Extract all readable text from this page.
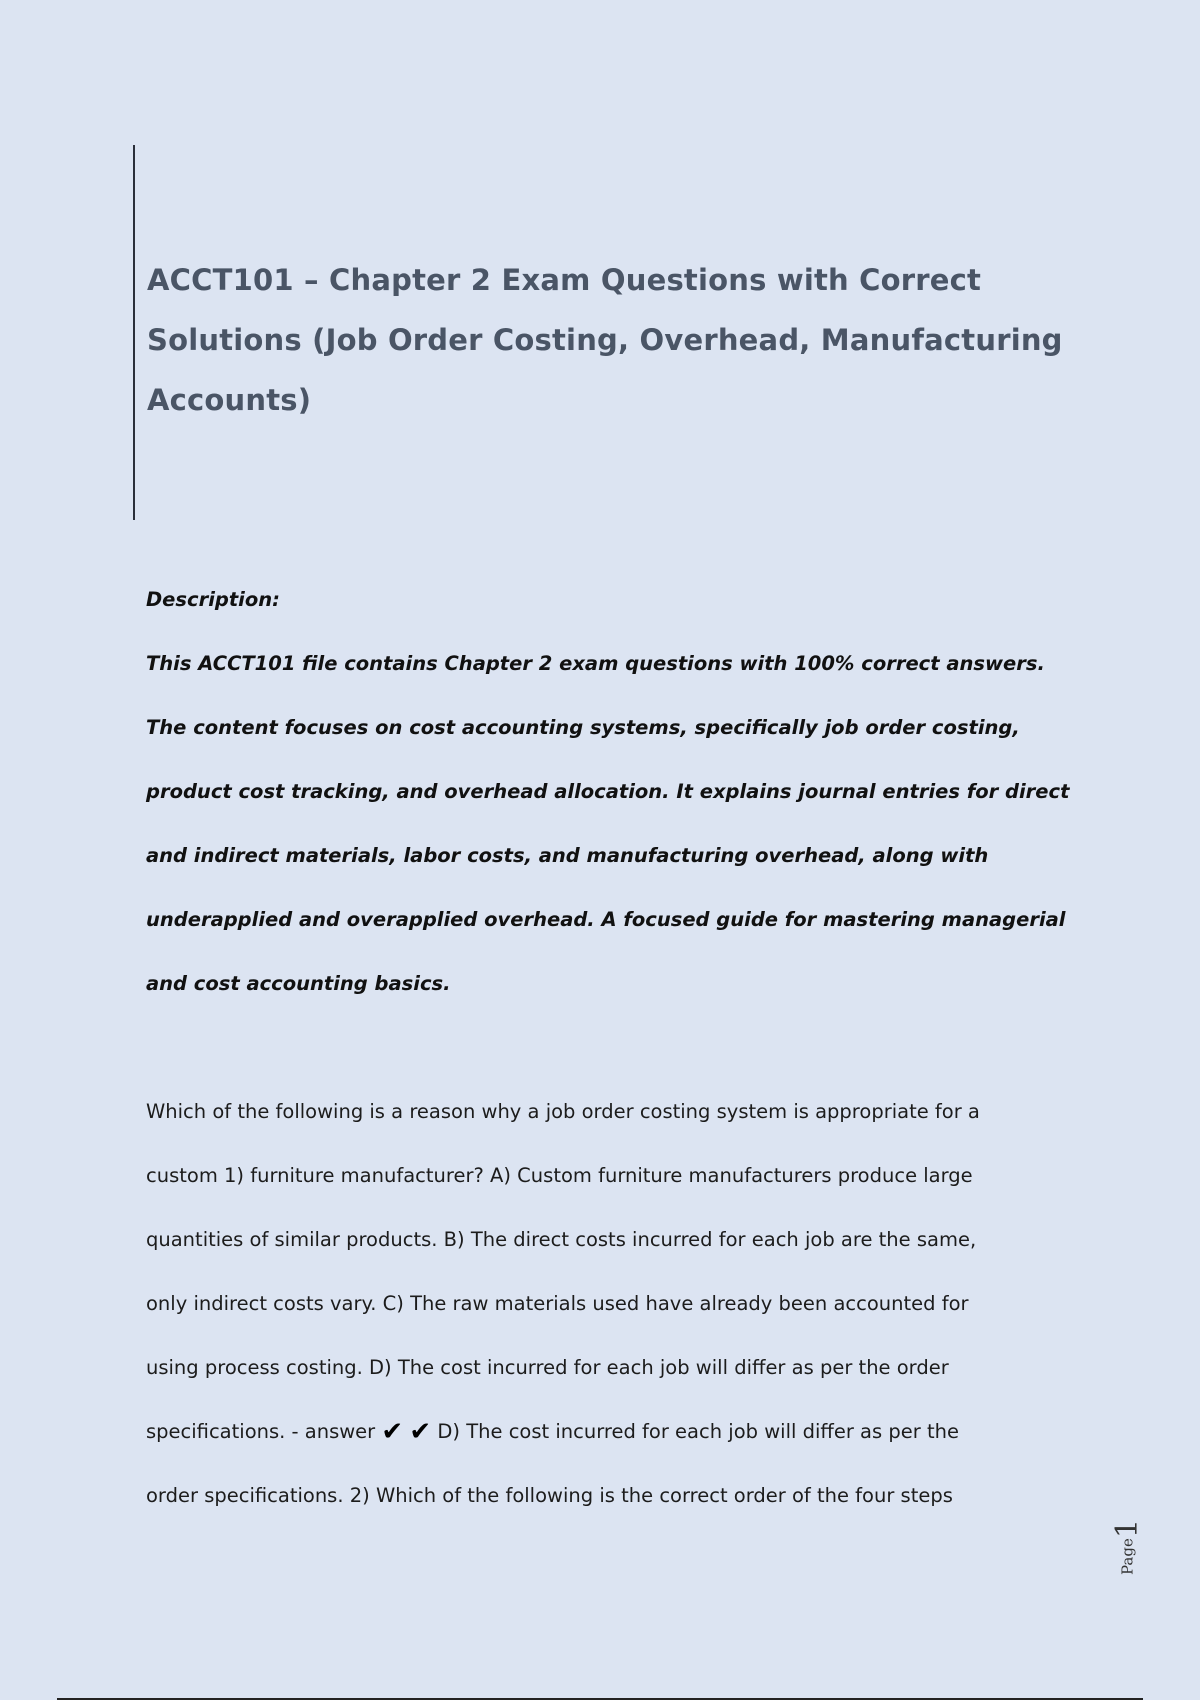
ACCT101 – Chapter 2 Exam Questions with Correct
Solutions (Job Order Costing, Overhead, Manufacturing
Accounts)
Description:
This ACCT101 file contains Chapter 2 exam questions with 100% correct answers.
The content focuses on cost accounting systems, specifically job order costing,
product cost tracking, and overhead allocation. It explains journal entries for direct
and indirect materials, labor costs, and manufacturing overhead, along with
underapplied and overapplied overhead. A focused guide for mastering managerial
and cost accounting basics.
Which of the following is a reason why a job order costing system is appropriate for a
custom 1) furniture manufacturer? A) Custom furniture manufacturers produce large
quantities of similar products. B) The direct costs incurred for each job are the same,
only indirect costs vary. C) The raw materials used have already been accounted for
using process costing. D) The cost incurred for each job will differ as per the order
specifications. - answer ✔ ✔ D) The cost incurred for each job will differ as per the
order specifications. 2) Which of the following is the correct order of the four steps
Page1
